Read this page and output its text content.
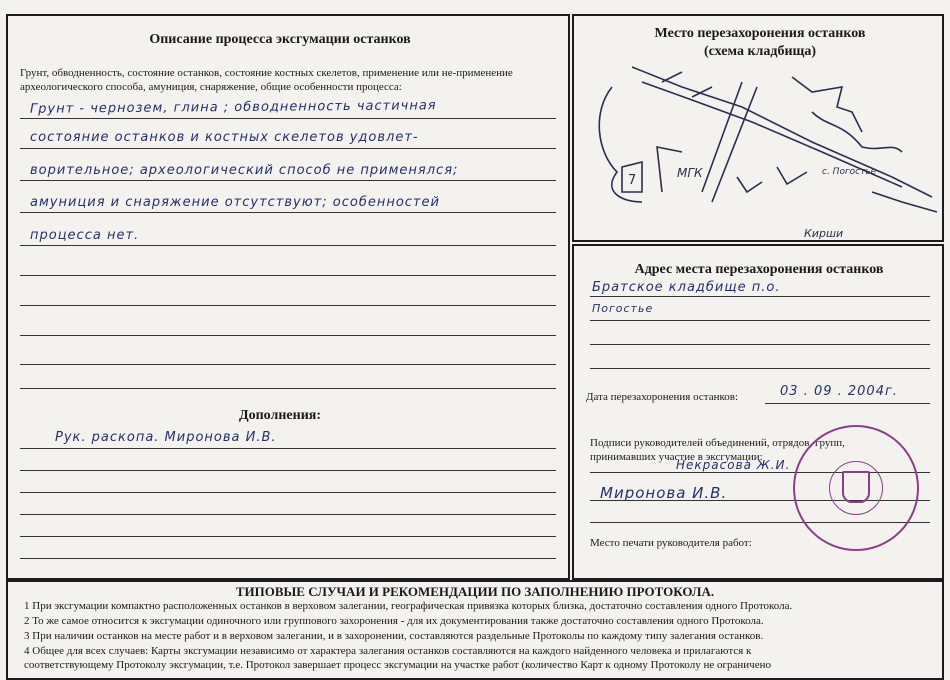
Описание процесса эксгумации останков
Грунт, обводненность, состояние останков, состояние костных скелетов, применение или не-применение археологического способа, амуниция, снаряжение, общие особенности процесса:
Грунт - чернозем, глина ; обводненность частичная
состояние останков и костных скелетов удовлет-
ворительное; археологический способ не применялся;
амуниция и снаряжение отсутствуют; особенностей
процесса нет.
Дополнения:
Рук. раскопа. Миронова И.В.
Место перезахоронения останков
(схема кладбища)
МГК
7
с. Погостье
Кирши
Адрес места перезахоронения останков
Братское кладбище п.о.
Погостье
Дата перезахоронения останков:	03 . 09 . 2004г.
Подписи руководителей объединений, отрядов, групп,
принимавших участие в эксгумации:
Некрасова Ж.И.
Миронова И.В.
Место печати руководителя работ:
ТИПОВЫЕ СЛУЧАИ И РЕКОМЕНДАЦИИ ПО ЗАПОЛНЕНИЮ ПРОТОКОЛА.
1 При эксгумации компактно расположенных останков в верховом залегании, географическая привязка которых близка, достаточно составления одного Протокола.
2 То же самое относится к эксгумации одиночного или группового захоронения - для их документирования также достаточно составления одного Протокола.
3 При наличии останков на месте работ и в верховом залегании, и в захоронении, составляются раздельные Протоколы по каждому типу залегания останков.
4 Общее для всех случаев: Карты эксгумации независимо от характера залегания останков составляются на каждого найденного человека и прилагаются к
соответствующему Протоколу эксгумации, т.е. Протокол завершает процесс эксгумации на участке работ (количество Карт к одному Протоколу не ограничено
